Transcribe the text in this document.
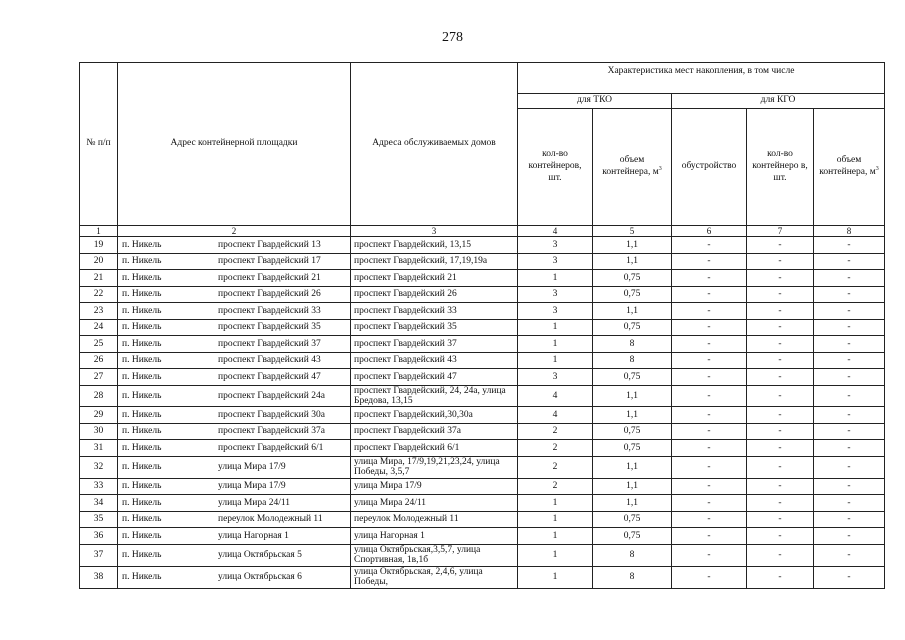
278
№ п/п	Адрес контейнерной площадки	Адреса обслуживаемых домов	Характеристика мест накопления, в том числе				
			для ТКО		для КГО		
			кол-во контейнеров, шт.	объем контейнера, $м^3$	обустройство	кол-во контейнеро в, шт.	объем контейнера, $м^3$
1	2	3	4	5	6	7	8
19	п. Никель проспект Гвардейский 13	проспект Гвардейский, 13,15	3	1,1	-	-	-
20	п. Никель проспект Гвардейский 17	проспект Гвардейский, 17,19,19а	3	1,1	-	-	-
21	п. Никель проспект Гвардейский 21	проспект Гвардейский 21	1	0,75	-	-	-
22	п. Никель проспект Гвардейский 26	проспект Гвардейский 26	3	0,75	-	-	-
23	п. Никель проспект Гвардейский 33	проспект Гвардейский 33	3	1,1	-	-	-
24	п. Никель проспект Гвардейский 35	проспект Гвардейский 35	1	0,75	-	-	-
25	п. Никель проспект Гвардейский 37	проспект Гвардейский 37	1	8	-	-	-
26	п. Никель проспект Гвардейский 43	проспект Гвардейский 43	1	8	-	-	-
27	п. Никель проспект Гвардейский 47	проспект Гвардейский 47	3	0,75	-	-	-
28	п. Никель проспект Гвардейский 24а	проспект Гвардейский, 24, 24а, улица Бредова, 13,15	4	1,1	-	-	-
29	п. Никель проспект Гвардейский 30а	проспект Гвардейский,30,30а	4	1,1	-	-	-
30	п. Никель проспект Гвардейский 37а	проспект Гвардейский 37а	2	0,75	-	-	-
31	п. Никель проспект Гвардейский 6/1	проспект Гвардейский 6/1	2	0,75	-	-	-
32	п. Никель улица Мира 17/9	улица Мира, 17/9,19,21,23,24, улица Победы, 3,5,7	2	1,1	-	-	-
33	п. Никель улица Мира 17/9	улица Мира 17/9	2	1,1	-	-	-
34	п. Никель улица Мира 24/11	улица Мира 24/11	1	1,1	-	-	-
35	п. Никель переулок Молодежный 11	переулок Молодежный 11	1	0,75	-	-	-
36	п. Никель улица Нагорная 1	улица Нагорная 1	1	0,75	-	-	-
37	п. Никель улица Октябрьская 5	улица Октябрьская,3,5,7, улица Спортивная, 1в,1б	1	8	-	-	-
38	п. Никель улица Октябрьская 6	улица Октябрьская, 2,4,6, улица Победы,	1	8	-	-	-
